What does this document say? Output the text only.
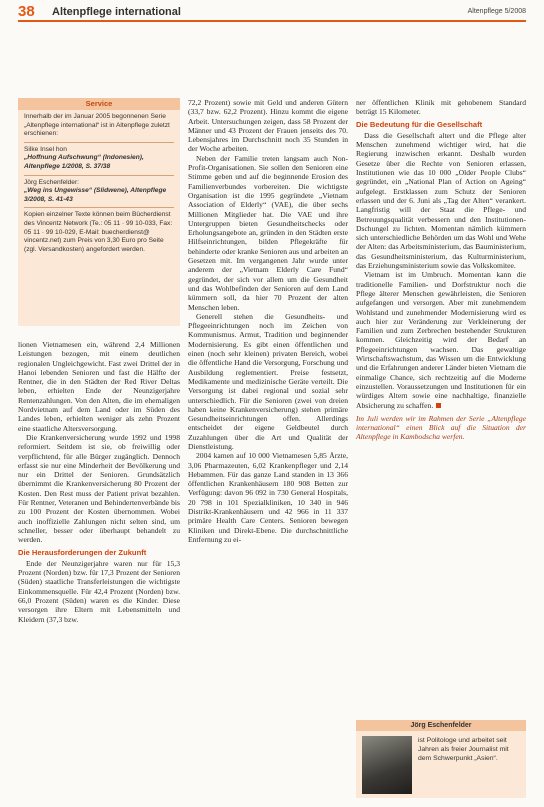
38 Altenpflege international	Altenpflege 5/2008
Service

Innerhalb der im Januar 2005 begonnenen Serie „Altenpflege international“ ist in Altenpflege zuletzt erschienen:

Silke Insel hon

„Hoffnung Aufschwung“ (Indonesien), Altenpflege 1/2008, S. 37/38

Jörg Eschenfelder:

„Weg ins Ungewisse“ (Slidwene), Altenpflege 3/2008, S. 41-43

Kopien einzelner Texte können beim Bücherdienst des Vincentz Network (Te.: 05 11 · 99 10-033, Fax: 05 11 · 99 10-029, E-Mail: buecherdienst@ vincentz.net) zum Preis von 3,30 Euro pro Seite (zgl. Versandkosten) angefordert werden.

lionen Vietnamesen ein, während 2,4 Millionen Leistungen bezogen, mit einem deutlichen regionalen Ungleichgewicht. Fast zwei Drittel der in Hanoi lebenden Senioren und fast die Hälfte der Rentner, die in den Städten der Red River Deltas leben, erhielten Ende der Neunzigerjahre Rentenzahlungen. Von den Alten, die im ehemaligen Nordvietnam auf dem Land oder im Süden des Landes leben, erhielten weniger als zehn Prozent eine staatliche Altersversorgung.

Die Krankenversicherung wurde 1992 und 1998 reformiert. Seitdem ist sie, ob freiwillig oder verpflichtend, für alle Bürger zugänglich. Dennoch erfasst sie nur eine Minderheit der Bevölkerung und nur ein Drittel der Senioren. Grundsätzlich übernimmt die Krankenversicherung 80 Prozent der Kosten. Den Rest muss der Patient privat bezahlen. Für Rentner, Veteranen und Behindertenverbände bis zu 100 Prozent der Kosten übernommen. Wobei auch inoffizielle Zahlungen nicht selten sind, um schneller, besser oder überhaupt behandelt zu werden.

Die Herausforderungen der Zukunft

Ende der Neunzigerjahre waren nur für 15,3 Prozent (Norden) bzw. für 17,3 Prozent der Senioren (Süden) staatliche Transferleistungen die wichtigste Einkommensquelle. Für 42,4 Prozent (Norden) bzw. 66,0 Prozent (Süden) waren es die Kinder. Diese versorgen ihre Eltern mit Lebensmitteln und Kleidern (37,3 bzw.

72,2 Prozent) sowie mit Geld und anderen Gütern (33,7 bzw. 62,2 Prozent). Hinzu kommt die eigene Arbeit. Untersuchungen zeigen, dass 58 Prozent der Männer und 43 Prozent der Frauen jenseits des 70. Lebensjahres im Durchschnitt noch 35 Stunden in der Woche arbeiten.

Neben der Familie treten langsam auch Non-Profit-Organisationen. Sie sollen den Senioren eine Stimme geben und auf die beginnende Erosion des Familienverbundes vorbereiten. Die wichtigste Organisation ist die 1995 gegründete „Vietnam Association of Elderly“ (VAE), die über sechs Millionen Mitglieder hat. Die VAE und ihre Untergruppen bieten Gesundheitschecks oder Erholungsangebote an, gründen in den Städten erste Hilfseinrichtungen, bilden Pflegekräfte für behinderte oder kranke Senioren aus und arbeiten an Gesetzen mit. Im vergangenen Jahr wurde unter anderem der „Vietnam Elderly Care Fund“ gegründet, der sich vor allem um die Gesundheit und das Wohlbefinden der Senioren auf dem Land kümmern soll, da hier 70 Prozent der alten Menschen leben.

Generell stehen die Gesundheits- und Pflegeeinrichtungen noch im Zeichen von Kommunismus. Armut, Tradition und beginnender Modernisierung. Es gibt einen öffentlichen und einen (noch sehr kleinen) privaten Bereich, wobei die öffentliche Hand die Versorgung, Forschung und Ausbildung reglementiert. Preise festsetzt, Medikamente und medizinische Geräte verteilt. Die Versorgung ist dabei regional und sozial sehr unterschiedlich. Für die Senioren (zwei von dreien haben keine Krankenversicherung) stehen primäre Gesundheitseinrichtungen offen. Allerdings entscheidet der eigene Geldbeutel durch Zuzahlungen über die Art und Qualität der Dienstleistung.

2004 kamen auf 10 000 Vietnamesen 5,85 Ärzte, 3,06 Pharmazeuten, 6,02 Krankenpfleger und 2,14 Hebammen. Für das ganze Land standen in 13 366 öffentlichen Krankenhäusern 180 908 Betten zur Verfügung: davon 96 092 in 730 General Hospitals, 20 798 in 101 Spezialkliniken, 10 340 in 946 Distrikt-Krankenhäusern und 42 966 in 11 337 primäre Health Care Centers. Senioren bewegen Kliniken und Direkt-Ebene. Die durchschnittliche Entfernung zu ei-

ner öffentlichen Klinik mit gehobenem Standard beträgt 15 Kilometer.

Die Bedeutung für die Gesellschaft

Dass die Gesellschaft altert und die Pflege alter Menschen zunehmend wichtiger wird, hat die Regierung inzwischen erkannt. Deshalb wurden Gesetze über die Rechte von Senioren erlassen, Institutionen wie das 10 000 „Older People Clubs“ gegründet, ein „National Plan of Action on Ageing“ aufgelegt. Erstklassen zum Schutz der Senioren erlassen und der 6. Juni als „Tag der Alten“ verankert. Langfristig will der Staat die Pflege- und Betreuungsqualität verbessern und den Institutionen-Dschungel zu lichten. Momentan nämlich kümmern sich unterschiedliche Behörden um das Wohl und Wehe der Alten: das Arbeitsministerium, das Bauministerium, das Gesundheitsministerium, das Kulturministerium, das Erziehungsministerium sowie das Volkskomitee.

Vietnam ist im Umbruch. Momentan kann die traditionelle Familien- und Dorfstruktur noch die Pflege älterer Menschen gewährleisten, die Senioren aufgefangen und versorgen. Aber mit zunehmendem Wohlstand und zunehmender Modernisierung wird es auch hier zur Veränderung zur Verkleinerung der Familien und zum Zerbrechen bestehender Strukturen kommen. Gleichzeitig wird der Bedarf an Pflegeeinrichtungen wachsen. Das gewaltige Wirtschaftswachstum, das Wissen um die Entwicklung und die Erfahrungen anderer Länder bieten Vietnam die einmalige Chance, sich rechtzeitig auf die Moderne einzustellen. Voraussetzungen und Institutionen für ein würdiges Altern sowie eine nachhaltige, finanzielle Absicherung zu schaffen.

Im Juli werden wir im Rahmen der Serie „Altenpflege international“ einen Blick auf die Situation der Altenpflege in Kambodscha werfen.

Jörg Eschenfelder
ist Politologe und arbeitet seit Jahren als freier Journalist mit dem Schwerpunkt „Asien“.
